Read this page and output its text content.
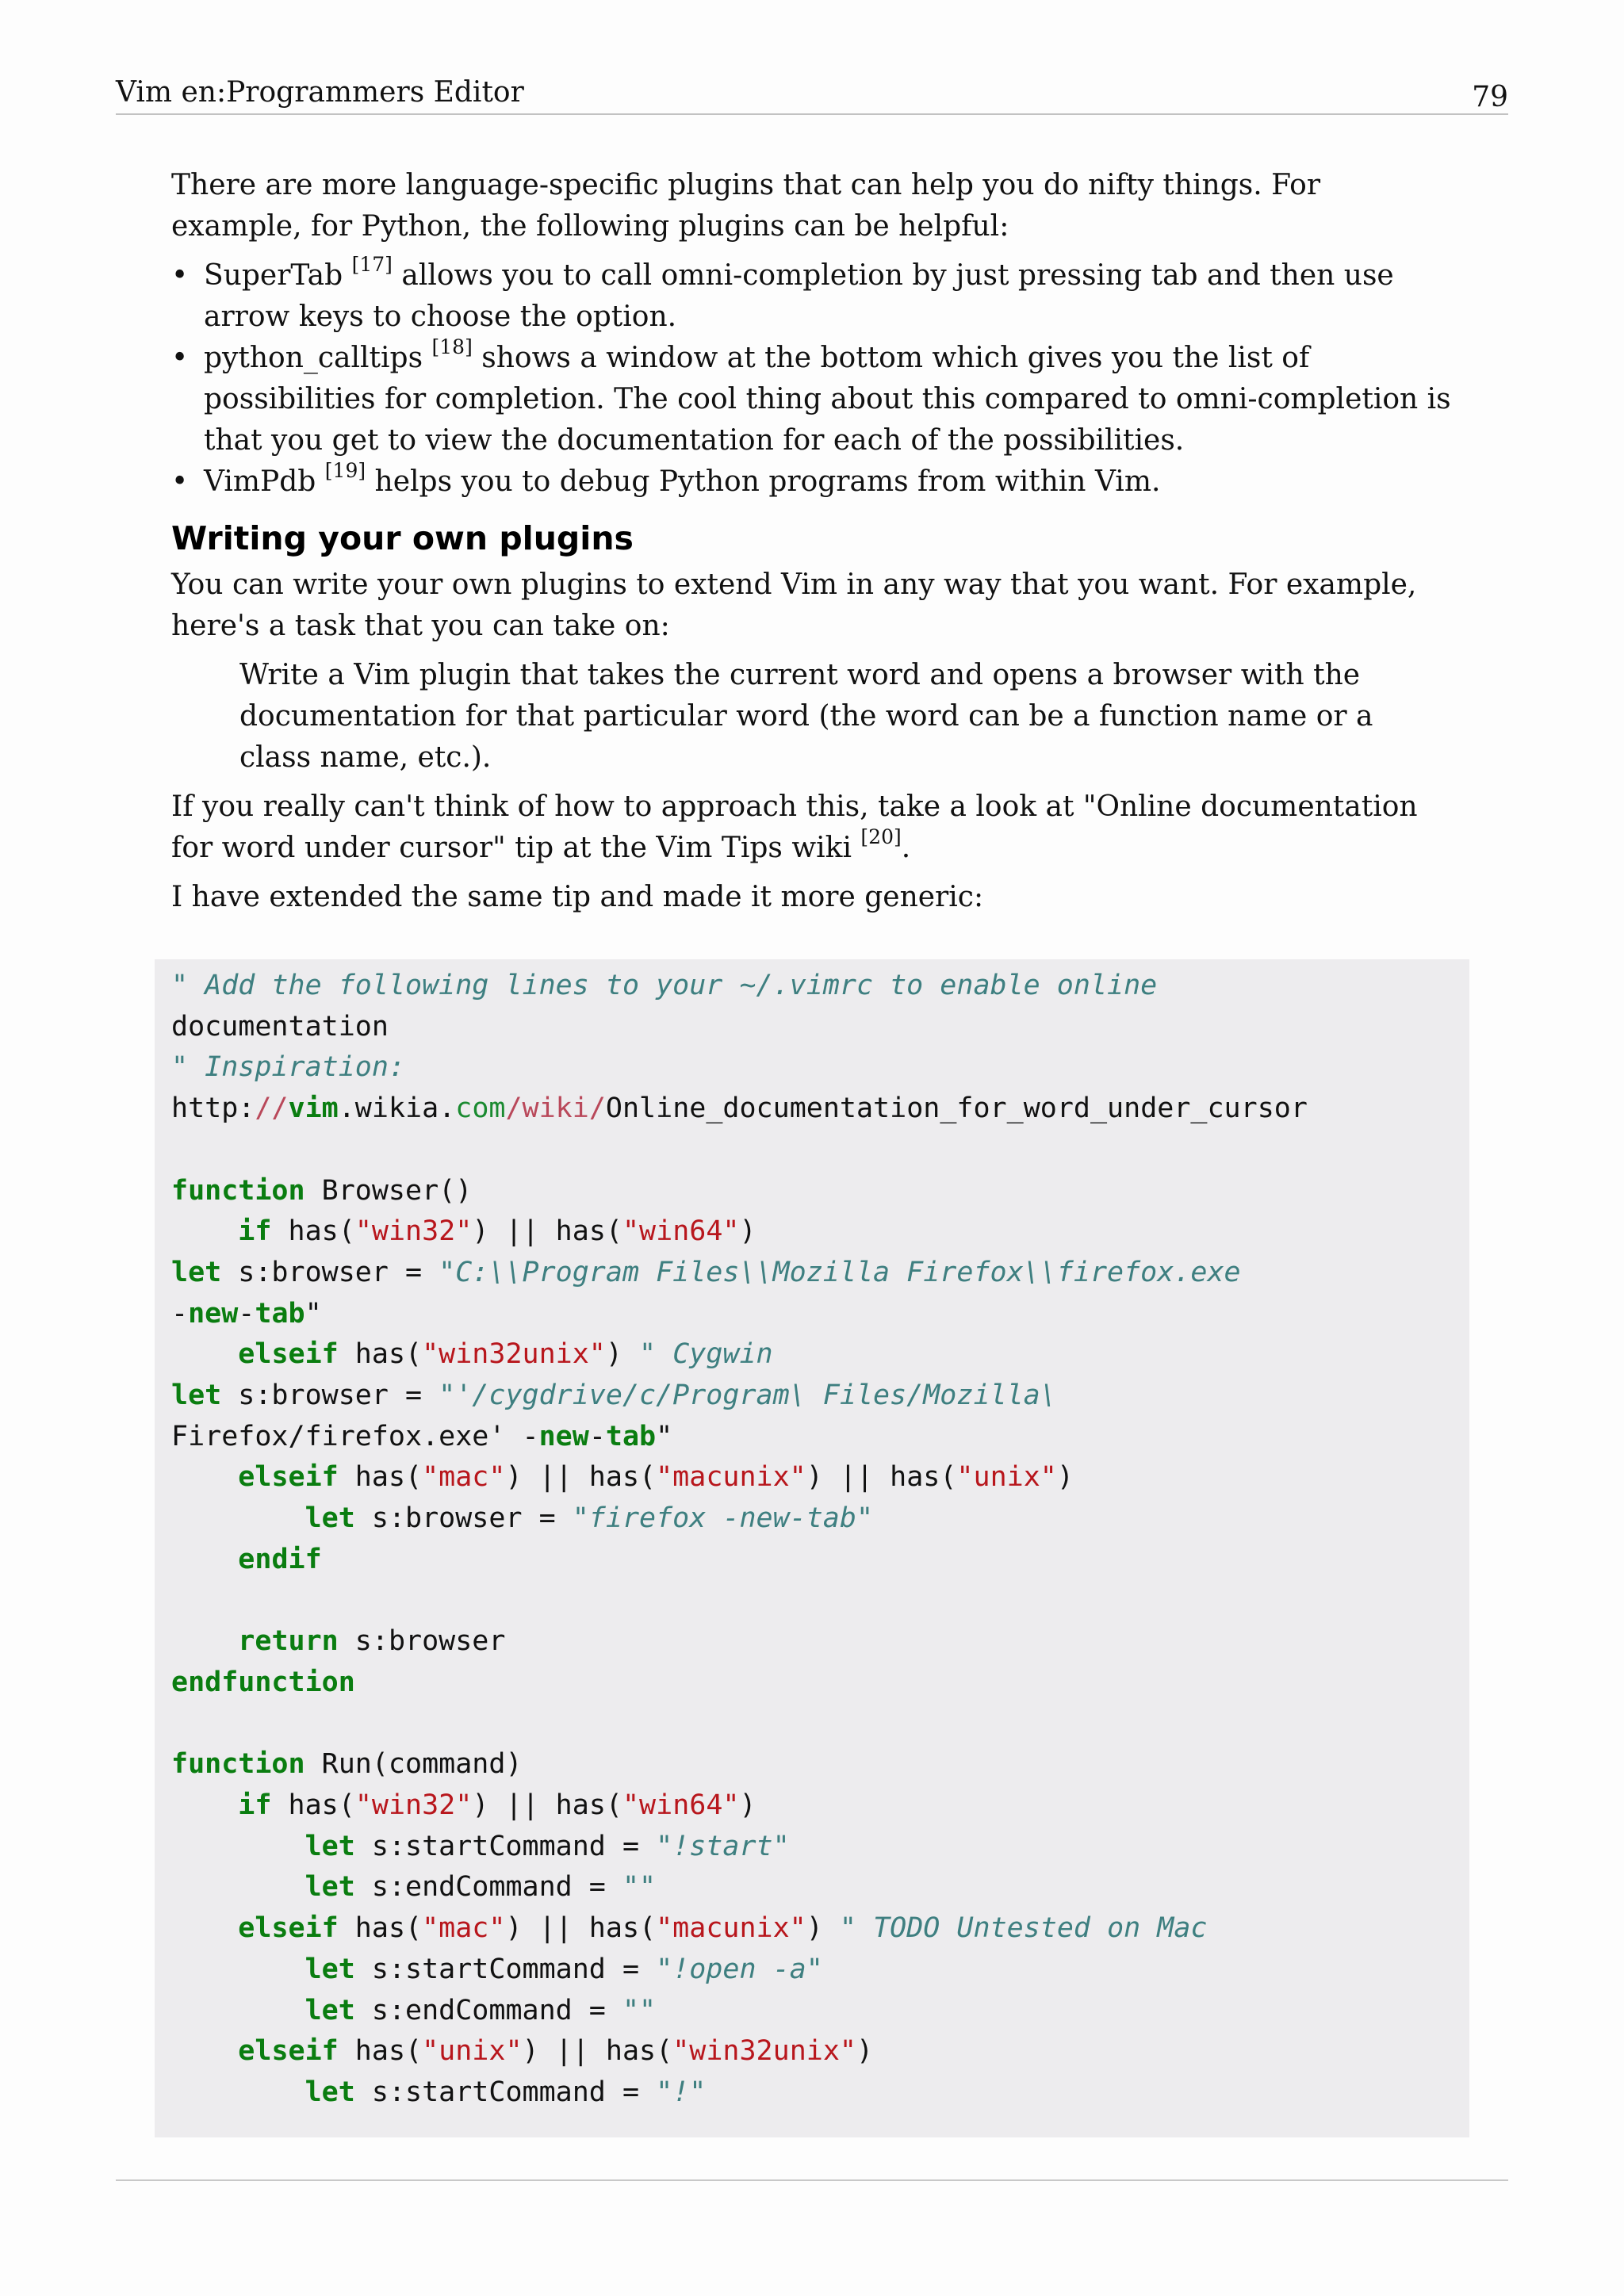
Vim en:Programmers Editor	79

There are more language-specific plugins that can help you do nifty things. For example, for Python, the following plugins can be helpful:

• SuperTab [17] allows you to call omni-completion by just pressing tab and then use arrow keys to choose the option.
• python_calltips [18] shows a window at the bottom which gives you the list of possibilities for completion. The cool thing about this compared to omni-completion is that you get to view the documentation for each of the possibilities.
• VimPdb [19] helps you to debug Python programs from within Vim.
Writing your own plugins

You can write your own plugins to extend Vim in any way that you want. For example, here's a task that you can take on:

Write a Vim plugin that takes the current word and opens a browser with the documentation for that particular word (the word can be a function name or a class name, etc.).

If you really can't think of how to approach this, take a look at "Online documentation for word under cursor" tip at the Vim Tips wiki [20].

I have extended the same tip and made it more generic:

" Add the following lines to your ~/.vimrc to enable online
documentation
" Inspiration:
http://vim.wikia.com/wiki/Online_documentation_for_word_under_cursor

function Browser()
if has("win32") || has("win64")
let s:browser = "C:\\Program Files\\Mozilla Firefox\\firefox.exe
-new-tab"
elseif has("win32unix") " Cygwin
let s:browser = "'/cygdrive/c/Program\ Files/Mozilla\
Firefox/firefox.exe' -new-tab"
elseif has("mac") || has("macunix") || has("unix")
let s:browser = "firefox -new-tab"
endif

return s:browser
endfunction

function Run(command)
if has("win32") || has("win64")
let s:startCommand = "!start"
let s:endCommand = ""
elseif has("mac") || has("macunix") " TODO Untested on Mac
let s:startCommand = "!open -a"
let s:endCommand = ""
elseif has("unix") || has("win32unix")
let s:startCommand = "!"
